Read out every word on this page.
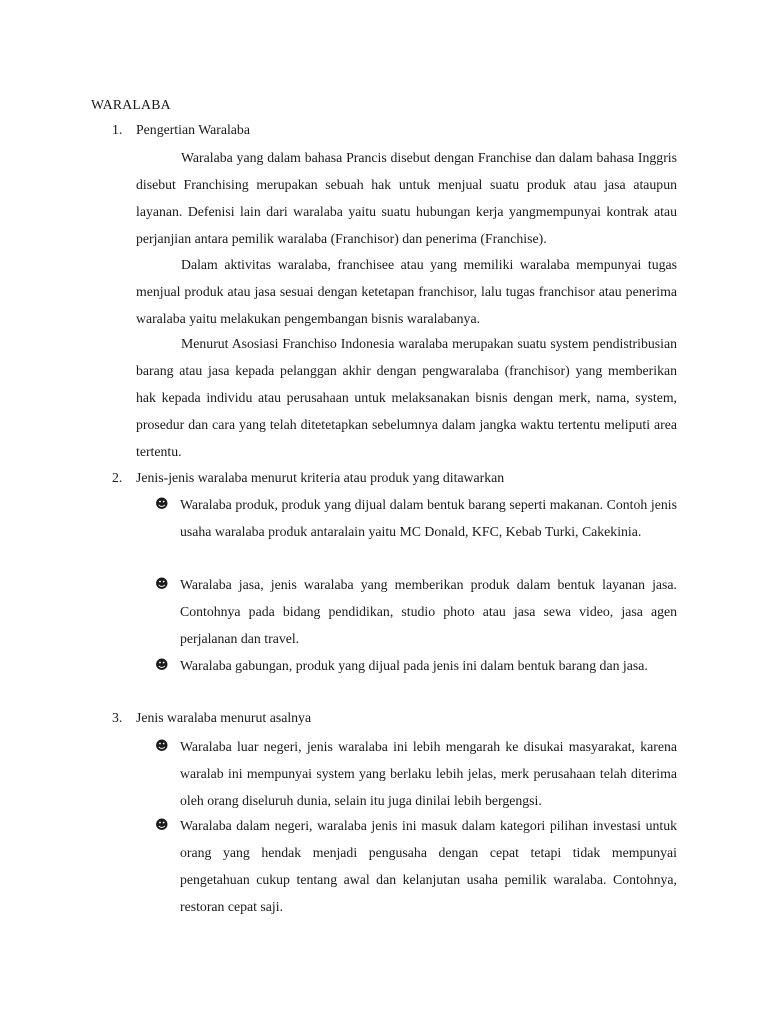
WARALABA
1. Pengertian Waralaba
Waralaba yang dalam bahasa Prancis disebut dengan Franchise dan dalam bahasa Inggris disebut Franchising merupakan sebuah hak untuk menjual suatu produk atau jasa ataupun layanan. Defenisi lain dari waralaba yaitu suatu hubungan kerja yangmempunyai kontrak atau perjanjian antara pemilik waralaba (Franchisor) dan penerima (Franchise).
Dalam aktivitas waralaba, franchisee atau yang memiliki waralaba mempunyai tugas menjual produk atau jasa sesuai dengan ketetapan franchisor, lalu tugas franchisor atau penerima waralaba yaitu melakukan pengembangan bisnis waralabanya.
Menurut Asosiasi Franchiso Indonesia waralaba merupakan suatu system pendistribusian barang atau jasa kepada pelanggan akhir dengan pengwaralaba (franchisor) yang memberikan hak kepada individu atau perusahaan untuk melaksanakan bisnis dengan merk, nama, system, prosedur dan cara yang telah ditetetapkan sebelumnya dalam jangka waktu tertentu meliputi area tertentu.
2. Jenis-jenis waralaba menurut kriteria atau produk yang ditawarkan
☻ Waralaba produk, produk yang dijual dalam bentuk barang seperti makanan. Contoh jenis usaha waralaba produk antaralain yaitu MC Donald, KFC, Kebab Turki, Cakekinia.
☻ Waralaba jasa, jenis waralaba yang memberikan produk dalam bentuk layanan jasa. Contohnya pada bidang pendidikan, studio photo atau jasa sewa video, jasa agen perjalanan dan travel.
☻ Waralaba gabungan, produk yang dijual pada jenis ini dalam bentuk barang dan jasa.
3. Jenis waralaba menurut asalnya
☻ Waralaba luar negeri, jenis waralaba ini lebih mengarah ke disukai masyarakat, karena waralab ini mempunyai system yang berlaku lebih jelas, merk perusahaan telah diterima oleh orang diseluruh dunia, selain itu juga dinilai lebih bergengsi.
☻ Waralaba dalam negeri, waralaba jenis ini masuk dalam kategori pilihan investasi untuk orang yang hendak menjadi pengusaha dengan cepat tetapi tidak mempunyai pengetahuan cukup tentang awal dan kelanjutan usaha pemilik waralaba. Contohnya, restoran cepat saji.
